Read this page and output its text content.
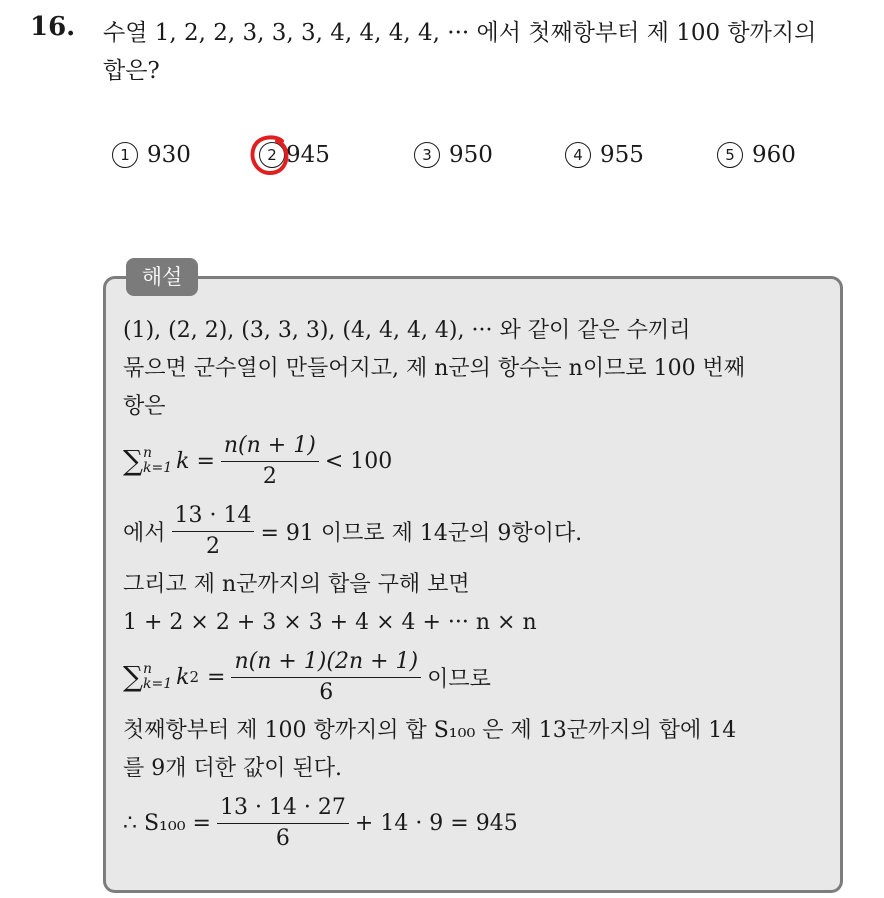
16. 수열 1, 2, 2, 3, 3, 3, 4, 4, 4, 4, ··· 에서 첫째항부터 제 100 항까지의
합은?
1 930	2 945	3 950	4 955	5 960
해설
(1), (2, 2), (3, 3, 3), (4, 4, 4, 4), ··· 와 같이 같은 수끼리
묶으면 군수열이 만들어지고, 제 n군의 항수는 n이므로 100 번째
항은
∑ n
k=1 $k = \frac{n(n + 1)}{2} < 100$
에서 $\frac{13 \cdot 14}{2} = 91$ 이므로 제 14군의 9항이다.
그리고 제 n군까지의 합을 구해 보면
1 + 2 × 2 + 3 × 3 + 4 × 4 + ··· n × n
∑ n
k=1 k $2 = \frac{n(n + 1)(2n + 1)}{6}$ 이므로
첫째항부터 제 100 항까지의 합 S₁₀₀ 은 제 13군까지의 합에 14
를 9개 더한 값이 된다.
∴ $S_{100} = \frac{13 \cdot 14 \cdot 27}{6} + 14 \cdot 9 = 945$
